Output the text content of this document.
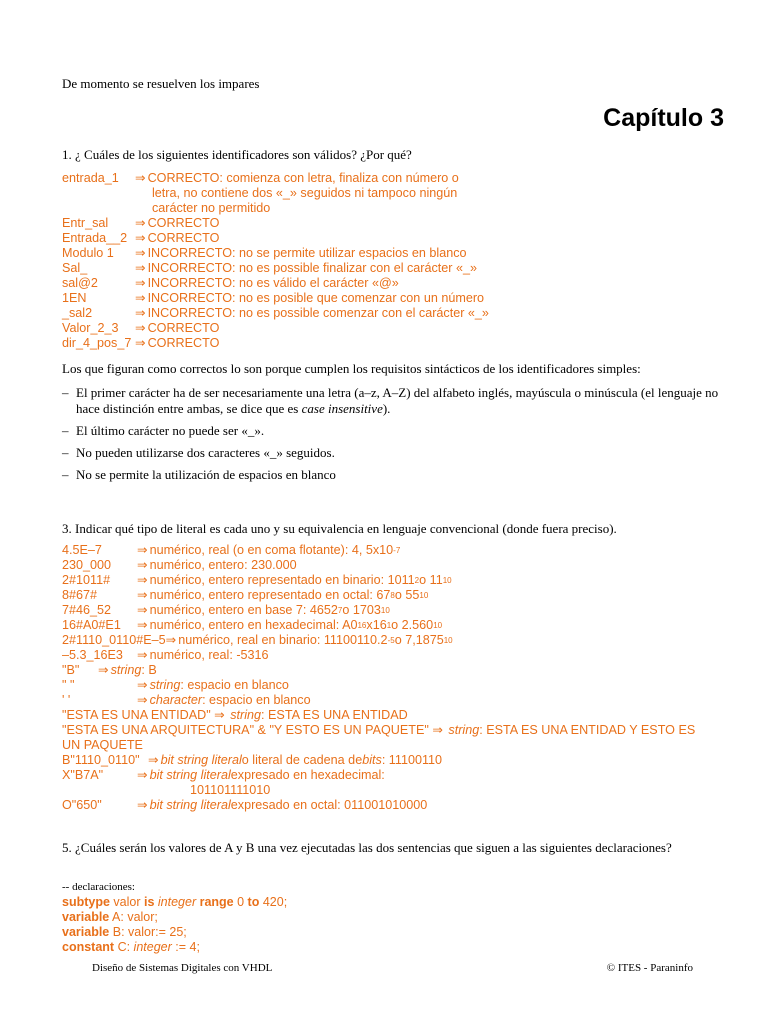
De momento se resuelven los impares
Capítulo 3
1. ¿ Cuáles de los siguientes identificadores son válidos? ¿Por qué?
entrada_1	⇒ CORRECTO: comienza con letra, finaliza con número o
letra, no contiene dos «_» seguidos ni tampoco ningún
carácter no permitido
Entr_sal	⇒ CORRECTO
Entrada__2 ⇒ CORRECTO
Modulo 1	⇒ INCORRECTO: no se permite utilizar espacios en blanco
Sal_	⇒ INCORRECTO: no es possible finalizar con el carácter «_»
sal@2	⇒ INCORRECTO: no es válido el carácter «@»
1EN	⇒ INCORRECTO: no es posible que comenzar con un número
_sal2	⇒ INCORRECTO: no es possible comenzar con el carácter «_»
Valor_2_3	⇒ CORRECTO
dir_4_pos_7 ⇒ CORRECTO
Los que figuran como correctos lo son porque cumplen los requisitos sintácticos de los identificadores simples:
– El primer carácter ha de ser necesariamente una letra (a–z, A–Z) del alfabeto inglés, mayúscula o minúscula (el lenguaje no hace distinción entre ambas, se dice que es case insensitive).
– El último carácter no puede ser «_».
– No pueden utilizarse dos caracteres «_» seguidos.
– No se permite la utilización de espacios en blanco
3. Indicar qué tipo de literal es cada uno y su equivalencia en lenguaje convencional (donde fuera preciso).
4.5E–7	⇒ numérico, real (o en coma flotante): 4, 5x10 -7
230_000	⇒ numérico, entero: 230.000
2#1011#	⇒ numérico, entero representado en binario: 1011 2 o 11 10
8#67#	⇒ numérico, entero representado en octal: 67 8 o 55 10
7#46_52	⇒ numérico, entero en base 7: 4652 7 o 1703 10
16#A0#E1	⇒ numérico, entero en hexadecimal: A0 16 x16 1 o 2.560 10
2#1110_0110#E–5 ⇒ numérico, real en binario: 11100110.2 -5 o 7,1875 10
–5.3_16E3	⇒ numérico, real: -5316
"B"	⇒ string : B
" "	⇒ string : espacio en blanco
' '	⇒ character : espacio en blanco
"ESTA ES UNA ENTIDAD" ⇒ string : ESTA ES UNA ENTIDAD
"ESTA ES UNA ARQUITECTURA" & "Y ESTO ES UN PAQUETE" ⇒ string : ESTA ES UNA ENTIDAD Y ESTO ES
UN PAQUETE
B"1110_0110" ⇒ bit string literal o literal de cadena de bits : 11100110
X"B7A"	⇒ bit string literal expresado en hexadecimal:
101101111010
O"650"	⇒ bit string literal expresado en octal: 011001010000
5. ¿Cuáles serán los valores de A y B una vez ejecutadas las dos sentencias que siguen a las siguientes declaraciones?
-- declaraciones:
subtype valor is integer range 0 to 420;
variable A: valor;
variable B: valor:= 25;
constant C: integer := 4;
Diseño de Sistemas Digitales con VHDL	© ITES - Paraninfo
